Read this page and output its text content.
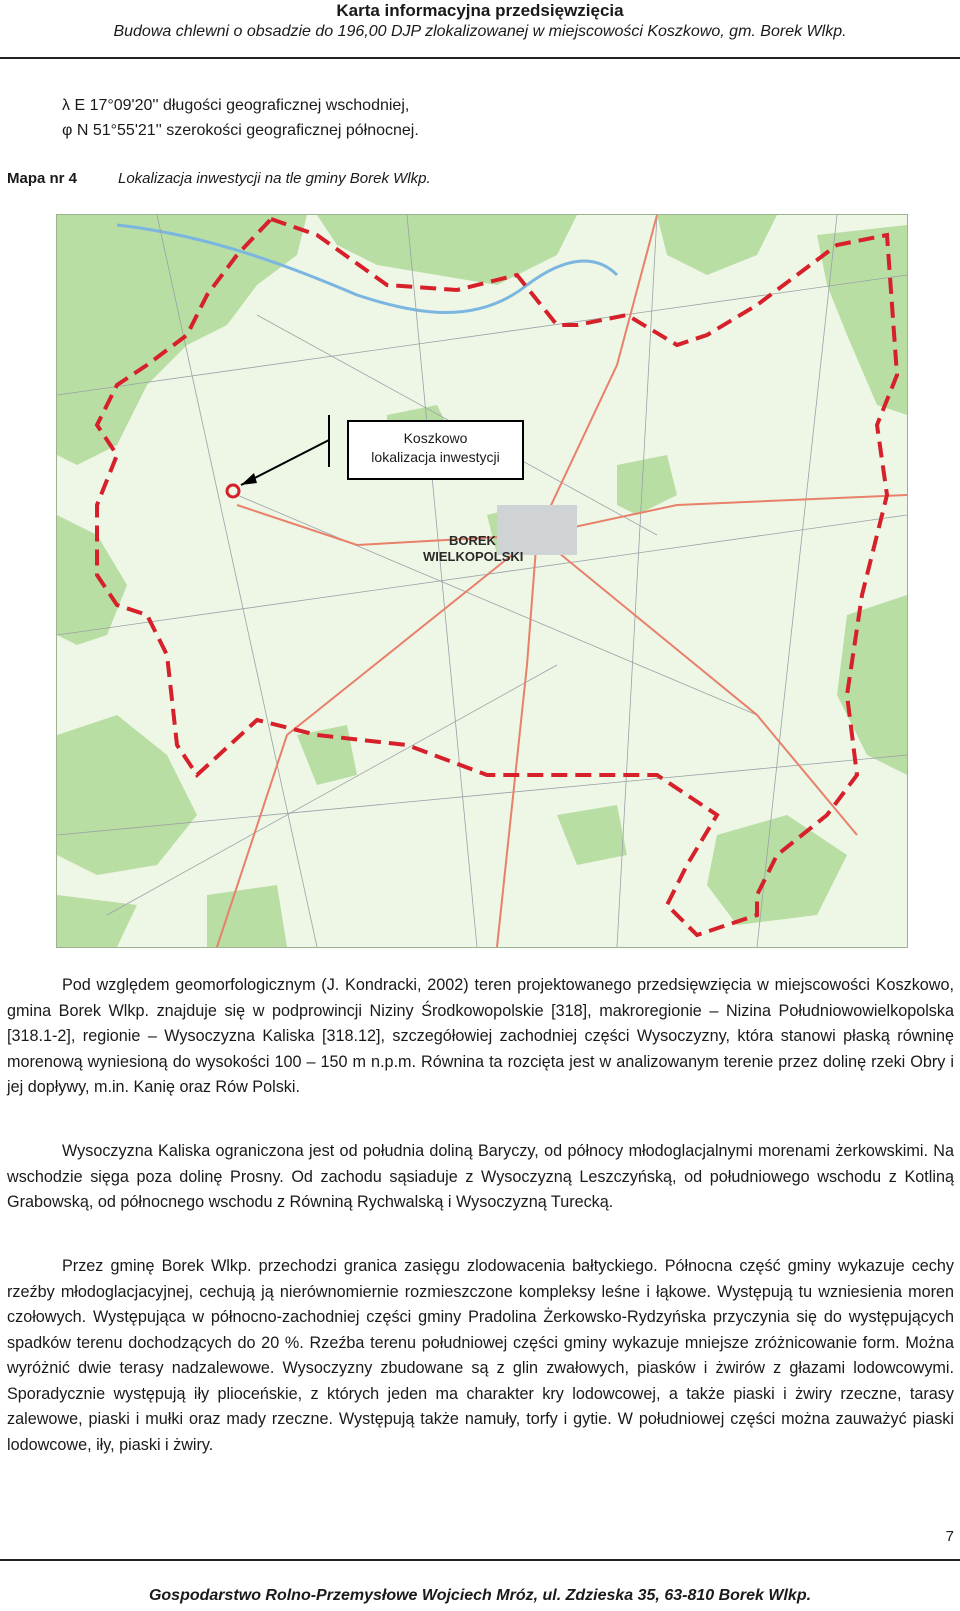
Karta informacyjna przedsięwzięcia
Budowa chlewni o obsadzie do 196,00 DJP zlokalizowanej w miejscowości Koszkowo, gm. Borek Wlkp.
λ E 17°09'20'' długości geograficznej wschodniej,
φ N 51°55'21'' szerokości geograficznej północnej.
Mapa nr 4	Lokalizacja inwestycji na tle gminy Borek Wlkp.
BOREK
WIELKOPOLSKI
Koszkowo
lokalizacja inwestycji

Pod względem geomorfologicznym (J. Kondracki, 2002) teren projektowanego przedsięwzięcia w miejscowości Koszkowo, gmina Borek Wlkp. znajduje się w podprowincji Niziny Środkowopolskie [318], makroregionie – Nizina Południowowielkopolska [318.1-2], regionie – Wysoczyzna Kaliska [318.12], szczegółowiej zachodniej części Wysoczyzny, która stanowi płaską równinę morenową wyniesioną do wysokości 100 – 150 m n.p.m. Równina ta rozcięta jest w analizowanym terenie przez dolinę rzeki Obry i jej dopływy, m.in. Kanię oraz Rów Polski.

Wysoczyzna Kaliska ograniczona jest od południa doliną Baryczy, od północy młodoglacjalnymi morenami żerkowskimi. Na wschodzie sięga poza dolinę Prosny. Od zachodu sąsiaduje z Wysoczyzną Leszczyńską, od południowego wschodu z Kotliną Grabowską, od północnego wschodu z Równiną Rychwalską i Wysoczyzną Turecką.

Przez gminę Borek Wlkp. przechodzi granica zasięgu zlodowacenia bałtyckiego. Północna część gminy wykazuje cechy rzeźby młodoglacjacyjnej, cechują ją nierównomiernie rozmieszczone kompleksy leśne i łąkowe. Występują tu wzniesienia moren czołowych. Występująca w północno-zachodniej części gminy Pradolina Żerkowsko-Rydzyńska przyczynia się do występujących spadków terenu dochodzących do 20 %. Rzeźba terenu południowej części gminy wykazuje mniejsze zróżnicowanie form. Można wyróżnić dwie terasy nadzalewowe. Wysoczyzny zbudowane są z glin zwałowych, piasków i żwirów z głazami lodowcowymi. Sporadycznie występują iły plioceńskie, z których jeden ma charakter kry lodowcowej, a także piaski i żwiry rzeczne, tarasy zalewowe, piaski i mułki oraz mady rzeczne. Występują także namuły, torfy i gytie. W południowej części można zauważyć piaski lodowcowe, iły, piaski i żwiry.

7
Gospodarstwo Rolno-Przemysłowe Wojciech Mróz, ul. Zdzieska 35, 63-810 Borek Wlkp.
